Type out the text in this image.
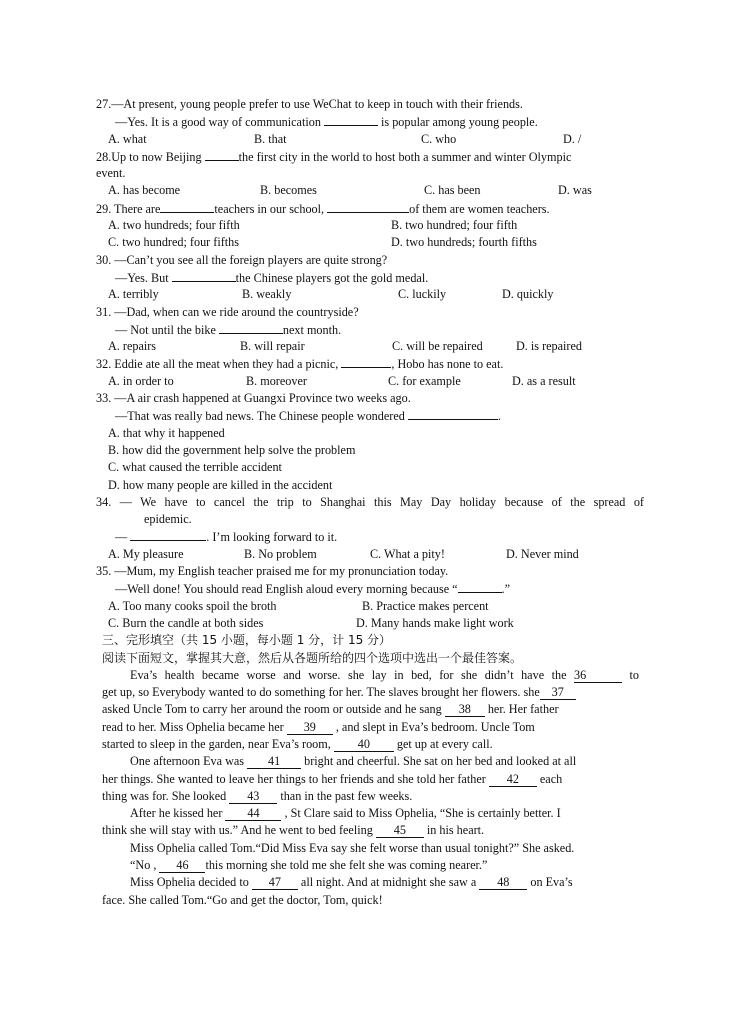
27.—At present, young people prefer to use WeChat to keep in touch with their friends.
—Yes. It is a good way of communication	is popular among young people.
A. what	B. that	C. who	D. /
28.Up to now Beijing	the first city in the world to host both a summer and winter Olympic
event.
A. has become	B. becomes	C. has been	D. was
29. There are	teachers in our school,	of them are women teachers.
A. two hundreds; four fifth	B. two hundred; four fifth
C. two hundred; four fifths	D. two hundreds; fourth fifths
30. —Can’t you see all the foreign players are quite strong?
—Yes. But	the Chinese players got the gold medal.
A. terribly	B. weakly	C. luckily	D. quickly
31. —Dad, when can we ride around the countryside?
— Not until the bike	next month.
A. repairs	B. will repair	C. will be repaired	D. is repaired
32. Eddie ate all the meat when they had a picnic,	, Hobo has none to eat.
A. in order to	B. moreover	C. for example	D. as a result
33. —A air crash happened at Guangxi Province two weeks ago.
—That was really bad news. The Chinese people wondered	.
A. that why it happened
B. how did the government help solve the problem
C. what caused the terrible accident
D. how many people are killed in the accident
34. — We have to cancel the trip to Shanghai this May Day holiday because of the spread of
epidemic.
—	. I’m looking forward to it.
A. My pleasure	B. No problem	C. What a pity!	D. Never mind
35. —Mum, my English teacher praised me for my pronunciation today.
—Well done! You should read English aloud every morning because “	.”
A. Too many cooks spoil the broth	B. Practice makes percent
C. Burn the candle at both sides	D. Many hands make light work
三、完形填空（共 15 小题，每小题 1 分，计 15 分）
阅读下面短文，掌握其大意，然后从各题所给的四个选项中选出一个最佳答案。
Eva’s health became worse and worse. she lay in bed, for she didn’t have the 36	to
get up, so Everybody wanted to do something for her. The slaves brought her flowers. she 37
asked Uncle Tom to carry her around the room or outside and he sang 38 her. Her father
read to her. Miss Ophelia became her 39 , and slept in Eva’s bedroom. Uncle Tom
started to sleep in the garden, near Eva’s room, 40 get up at every call.
One afternoon Eva was 41 bright and cheerful. She sat on her bed and looked at all
her things. She wanted to leave her things to her friends and she told her father 42 each
thing was for. She looked 43 than in the past few weeks.
After he kissed her 44 , St Clare said to Miss Ophelia, “She is certainly better. I
think she will stay with us.” And he went to bed feeling 45 in his heart.
Miss Ophelia called Tom.“Did Miss Eva say she felt worse than usual tonight?” She asked.
“No , 46 this morning she told me she felt she was coming nearer.”
Miss Ophelia decided to 47 all night. And at midnight she saw a 48 on Eva’s
face. She called Tom.“Go and get the doctor, Tom, quick!
